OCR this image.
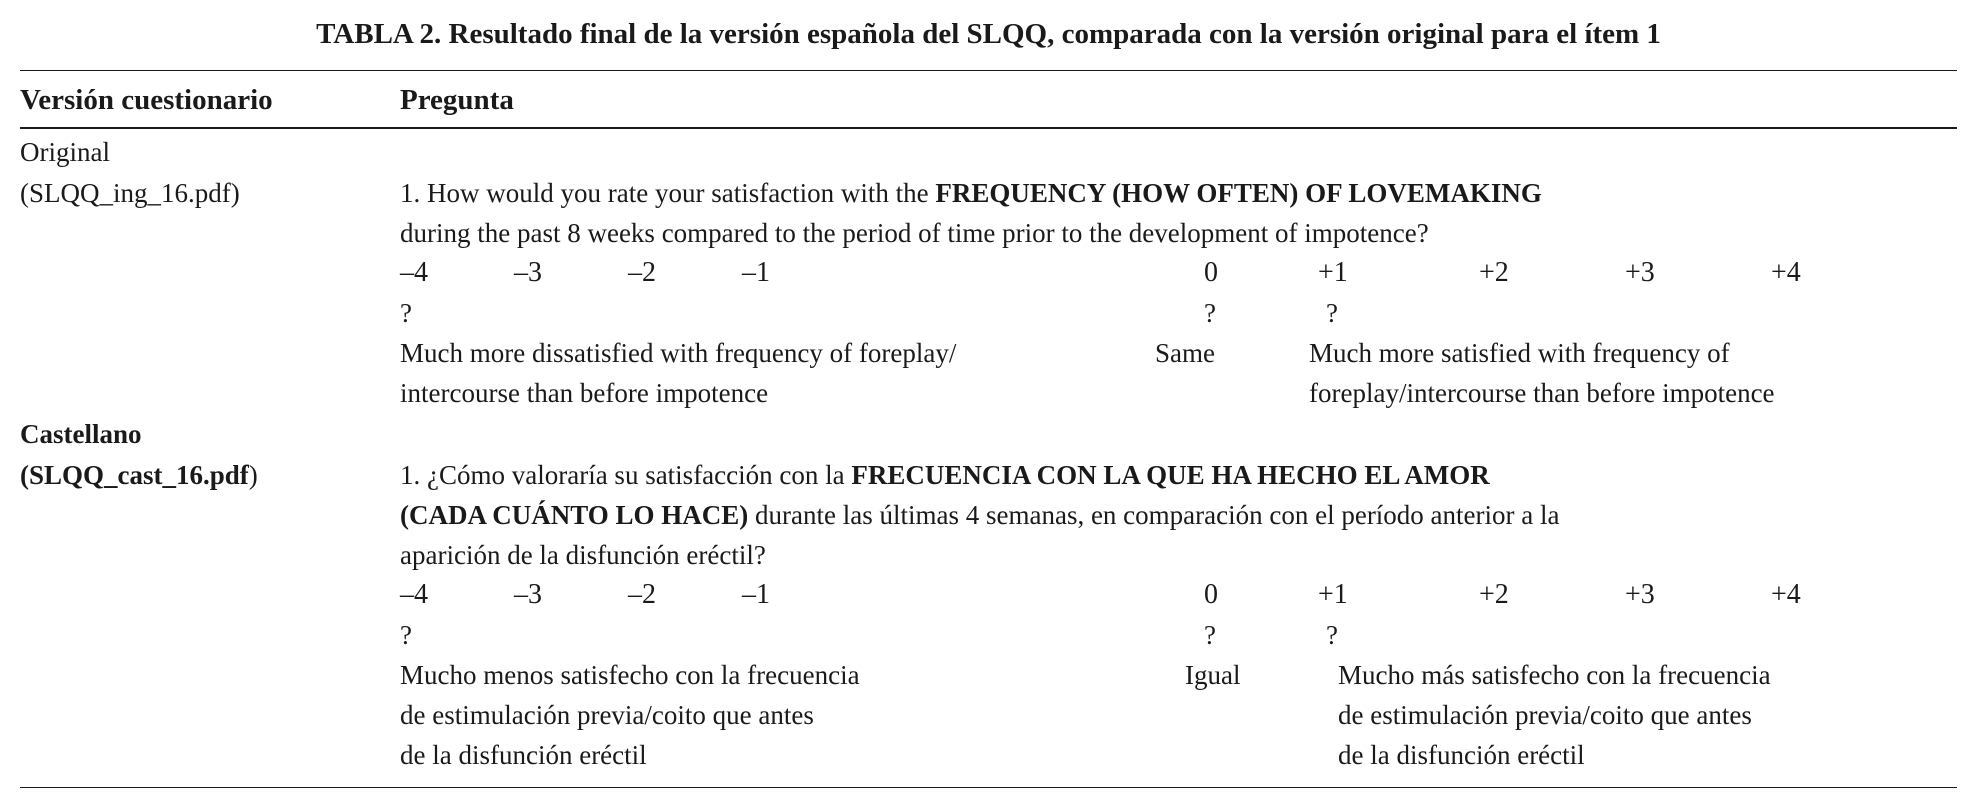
TABLA 2. Resultado final de la versión española del SLQQ, comparada con la versión original para el ítem 1
Versión cuestionario	Pregunta
Original
(SLQQ_ing_16.pdf)	1. How would you rate your satisfaction with the FREQUENCY (HOW OFTEN) OF LOVEMAKING
during the past 8 weeks compared to the period of time prior to the development of impotence?
–4	–3	–2	–1	0	+1	+2	+3	+4
?	?	?
Much more dissatisfied with frequency of foreplay/
intercourse than before impotence
Same	Much more satisfied with frequency of
foreplay/intercourse than before impotence
Castellano
(SLQQ_cast_16.pdf)	1. ¿Cómo valoraría su satisfacción con la FRECUENCIA CON LA QUE HA HECHO EL AMOR
(CADA CUÁNTO LO HACE) durante las últimas 4 semanas, en comparación con el período anterior a la
aparición de la disfunción eréctil?
–4	–3	–2	–1	0	+1	+2	+3	+4
?	?	?
Mucho menos satisfecho con la frecuencia
de estimulación previa/coito que antes
de la disfunción eréctil
Igual	Mucho más satisfecho con la frecuencia
de estimulación previa/coito que antes
de la disfunción eréctil
